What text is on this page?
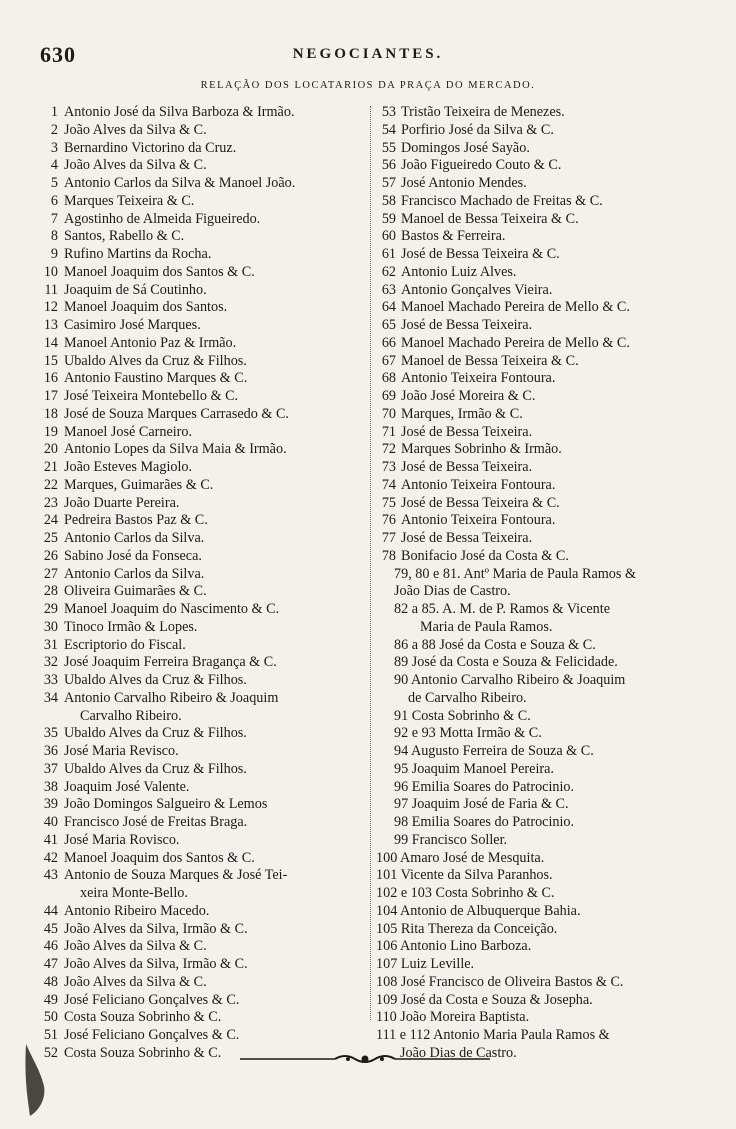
630	NEGOCIANTES.
RELAÇÃO DOS LOCATARIOS DA PRAÇA DO MERCADO.
1 Antonio José da Silva Barboza & Irmão.
2 João Alves da Silva & C.
3 Bernardino Victorino da Cruz.
4 João Alves da Silva & C.
5 Antonio Carlos da Silva & Manoel João.
6 Marques Teixeira & C.
7 Agostinho de Almeida Figueiredo.
8 Santos, Rabello & C.
9 Rufino Martins da Rocha.
10 Manoel Joaquim dos Santos & C.
11 Joaquim de Sá Coutinho.
12 Manoel Joaquim dos Santos.
13 Casimiro José Marques.
14 Manoel Antonio Paz & Irmão.
15 Ubaldo Alves da Cruz & Filhos.
16 Antonio Faustino Marques & C.
17 José Teixeira Montebello & C.
18 José de Souza Marques Carrasedo & C.
19 Manoel José Carneiro.
20 Antonio Lopes da Silva Maia & Irmão.
21 João Esteves Magiolo.
22 Marques, Guimarães & C.
23 João Duarte Pereira.
24 Pedreira Bastos Paz & C.
25 Antonio Carlos da Silva.
26 Sabino José da Fonseca.
27 Antonio Carlos da Silva.
28 Oliveira Guimarães & C.
29 Manoel Joaquim do Nascimento & C.
30 Tinoco Irmão & Lopes.
31 Escriptorio do Fiscal.
32 José Joaquim Ferreira Bragança & C.
33 Ubaldo Alves da Cruz & Filhos.
34 Antonio Carvalho Ribeiro & Joaquim
Carvalho Ribeiro.
35 Ubaldo Alves da Cruz & Filhos.
36 José Maria Revisco.
37 Ubaldo Alves da Cruz & Filhos.
38 Joaquim José Valente.
39 João Domingos Salgueiro & Lemos
40 Francisco José de Freitas Braga.
41 José Maria Rovisco.
42 Manoel Joaquim dos Santos & C.
43 Antonio de Souza Marques & José Tei-
xeira Monte-Bello.
44 Antonio Ribeiro Macedo.
45 João Alves da Silva, Irmão & C.
46 João Alves da Silva & C.
47 João Alves da Silva, Irmão & C.
48 João Alves da Silva & C.
49 José Feliciano Gonçalves & C.
50 Costa Souza Sobrinho & C.
51 José Feliciano Gonçalves & C.
52 Costa Souza Sobrinho & C.
53 Tristão Teixeira de Menezes.
54 Porfirio José da Silva & C.
55 Domingos José Sayão.
56 João Figueiredo Couto & C.
57 José Antonio Mendes.
58 Francisco Machado de Freitas & C.
59 Manoel de Bessa Teixeira & C.
60 Bastos & Ferreira.
61 José de Bessa Teixeira & C.
62 Antonio Luiz Alves.
63 Antonio Gonçalves Vieira.
64 Manoel Machado Pereira de Mello & C.
65 José de Bessa Teixeira.
66 Manoel Machado Pereira de Mello & C.
67 Manoel de Bessa Teixeira & C.
68 Antonio Teixeira Fontoura.
69 João José Moreira & C.
70 Marques, Irmão & C.
71 José de Bessa Teixeira.
72 Marques Sobrinho & Irmão.
73 José de Bessa Teixeira.
74 Antonio Teixeira Fontoura.
75 José de Bessa Teixeira & C.
76 Antonio Teixeira Fontoura.
77 José de Bessa Teixeira.
78 Bonifacio José da Costa & C.
79, 80 e 81. Antº Maria de Paula Ramos &
João Dias de Castro.
82 a 85. A. M. de P. Ramos & Vicente
Maria de Paula Ramos.
86 a 88 José da Costa e Souza & C.
89 José da Costa e Souza & Felicidade.
90 Antonio Carvalho Ribeiro & Joaquim
de Carvalho Ribeiro.
91 Costa Sobrinho & C.
92 e 93 Motta Irmão & C.
94 Augusto Ferreira de Souza & C.
95 Joaquim Manoel Pereira.
96 Emilia Soares do Patrocinio.
97 Joaquim José de Faria & C.
98 Emilia Soares do Patrocinio.
99 Francisco Soller.
100 Amaro José de Mesquita.
101 Vicente da Silva Paranhos.
102 e 103 Costa Sobrinho & C.
104 Antonio de Albuquerque Bahia.
105 Rita Thereza da Conceição.
106 Antonio Lino Barboza.
107 Luiz Leville.
108 José Francisco de Oliveira Bastos & C.
109 José da Costa e Souza & Josepha.
110 João Moreira Baptista.
111 e 112 Antonio Maria Paula Ramos &
João Dias de Castro.
